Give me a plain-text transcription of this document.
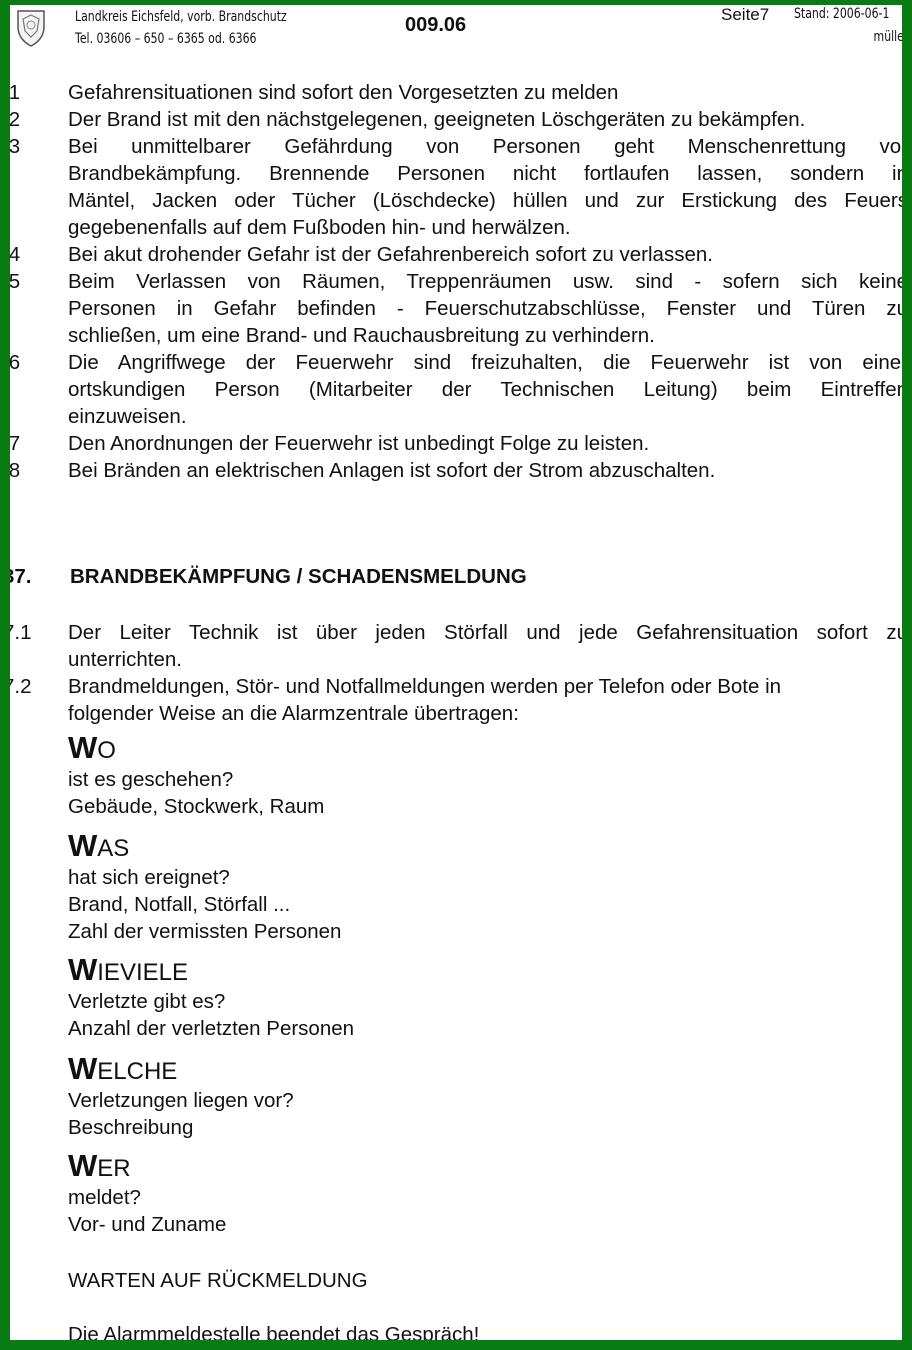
Landkreis Eichsfeld, vorb. Brandschutz
Tel. 03606 – 650 – 6365 od. 6366
009.06	Seite7 Stand: 2006-06-1
mülle
.1 Gefahrensituationen sind sofort den Vorgesetzten zu melden
.2 Der Brand ist mit den nächstgelegenen, geeigneten Löschgeräten zu bekämpfen.
.3 Bei unmittelbarer Gefährdung von Personen geht Menschenrettung vor
Brandbekämpfung. Brennende Personen nicht fortlaufen lassen, sondern in
Mäntel, Jacken oder Tücher (Löschdecke) hüllen und zur Erstickung des Feuers
gegebenenfalls auf dem Fußboden hin- und herwälzen.
.4 Bei akut drohender Gefahr ist der Gefahrenbereich sofort zu verlassen.
.5 Beim Verlassen von Räumen, Treppenräumen usw. sind - sofern sich keine
Personen in Gefahr befinden - Feuerschutzabschlüsse, Fenster und Türen zu
schließen, um eine Brand- und Rauchausbreitung zu verhindern.
.6 Die Angriffwege der Feuerwehr sind freizuhalten, die Feuerwehr ist von einer
ortskundigen Person (Mitarbeiter der Technischen Leitung) beim Eintreffen
einzuweisen.
.7 Den Anordnungen der Feuerwehr ist unbedingt Folge zu leisten.
.8 Bei Bränden an elektrischen Anlagen ist sofort der Strom abzuschalten.
37. BRANDBEKÄMPFUNG / SCHADENSMELDUNG
7.1 Der Leiter Technik ist über jeden Störfall und jede Gefahrensituation sofort zu
unterrichten.
7.2 Brandmeldungen, Stör- und Notfallmeldungen werden per Telefon oder Bote in
folgender Weise an die Alarmzentrale übertragen:
WO
ist es geschehen?
Gebäude, Stockwerk, Raum
WAS
hat sich ereignet?
Brand, Notfall, Störfall ...
Zahl der vermissten Personen
WIEVIELE
Verletzte gibt es?
Anzahl der verletzten Personen
WELCHE
Verletzungen liegen vor?
Beschreibung
WER
meldet?
Vor- und Zuname
WARTEN AUF RÜCKMELDUNG
Die Alarmmeldestelle beendet das Gespräch!
